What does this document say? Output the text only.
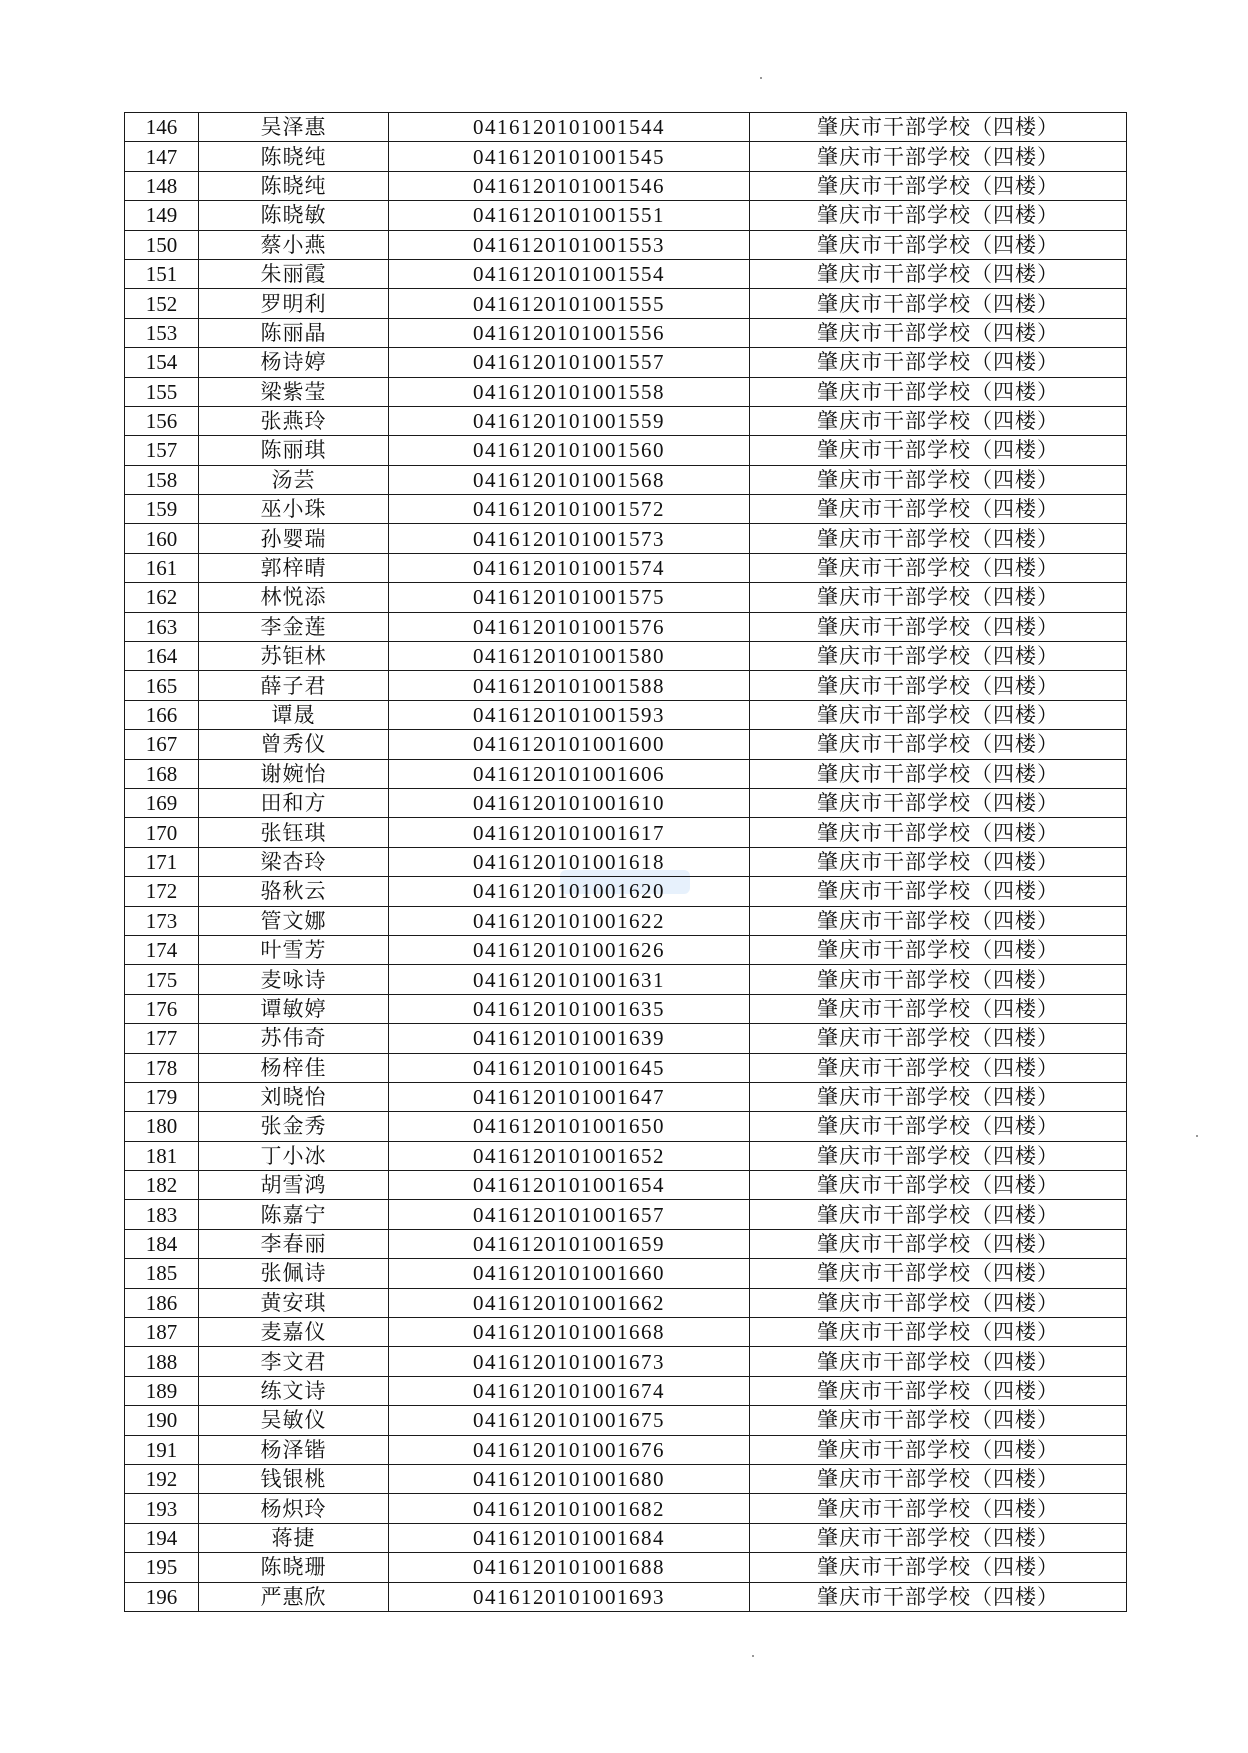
146	吴泽惠	0416120101001544	肇庆市干部学校（四楼）
147	陈晓纯	0416120101001545	肇庆市干部学校（四楼）
148	陈晓纯	0416120101001546	肇庆市干部学校（四楼）
149	陈晓敏	0416120101001551	肇庆市干部学校（四楼）
150	蔡小燕	0416120101001553	肇庆市干部学校（四楼）
151	朱丽霞	0416120101001554	肇庆市干部学校（四楼）
152	罗明利	0416120101001555	肇庆市干部学校（四楼）
153	陈丽晶	0416120101001556	肇庆市干部学校（四楼）
154	杨诗婷	0416120101001557	肇庆市干部学校（四楼）
155	梁紫莹	0416120101001558	肇庆市干部学校（四楼）
156	张燕玲	0416120101001559	肇庆市干部学校（四楼）
157	陈丽琪	0416120101001560	肇庆市干部学校（四楼）
158	汤芸	0416120101001568	肇庆市干部学校（四楼）
159	巫小珠	0416120101001572	肇庆市干部学校（四楼）
160	孙婴瑞	0416120101001573	肇庆市干部学校（四楼）
161	郭梓晴	0416120101001574	肇庆市干部学校（四楼）
162	林悦添	0416120101001575	肇庆市干部学校（四楼）
163	李金莲	0416120101001576	肇庆市干部学校（四楼）
164	苏钜林	0416120101001580	肇庆市干部学校（四楼）
165	薛子君	0416120101001588	肇庆市干部学校（四楼）
166	谭晟	0416120101001593	肇庆市干部学校（四楼）
167	曾秀仪	0416120101001600	肇庆市干部学校（四楼）
168	谢婉怡	0416120101001606	肇庆市干部学校（四楼）
169	田和方	0416120101001610	肇庆市干部学校（四楼）
170	张钰琪	0416120101001617	肇庆市干部学校（四楼）
171	梁杏玲	0416120101001618	肇庆市干部学校（四楼）
172	骆秋云	0416120101001620	肇庆市干部学校（四楼）
173	管文娜	0416120101001622	肇庆市干部学校（四楼）
174	叶雪芳	0416120101001626	肇庆市干部学校（四楼）
175	麦咏诗	0416120101001631	肇庆市干部学校（四楼）
176	谭敏婷	0416120101001635	肇庆市干部学校（四楼）
177	苏伟奇	0416120101001639	肇庆市干部学校（四楼）
178	杨梓佳	0416120101001645	肇庆市干部学校（四楼）
179	刘晓怡	0416120101001647	肇庆市干部学校（四楼）
180	张金秀	0416120101001650	肇庆市干部学校（四楼）
181	丁小冰	0416120101001652	肇庆市干部学校（四楼）
182	胡雪鸿	0416120101001654	肇庆市干部学校（四楼）
183	陈嘉宁	0416120101001657	肇庆市干部学校（四楼）
184	李春丽	0416120101001659	肇庆市干部学校（四楼）
185	张佩诗	0416120101001660	肇庆市干部学校（四楼）
186	黄安琪	0416120101001662	肇庆市干部学校（四楼）
187	麦嘉仪	0416120101001668	肇庆市干部学校（四楼）
188	李文君	0416120101001673	肇庆市干部学校（四楼）
189	练文诗	0416120101001674	肇庆市干部学校（四楼）
190	吴敏仪	0416120101001675	肇庆市干部学校（四楼）
191	杨泽锴	0416120101001676	肇庆市干部学校（四楼）
192	钱银桃	0416120101001680	肇庆市干部学校（四楼）
193	杨炽玲	0416120101001682	肇庆市干部学校（四楼）
194	蒋捷	0416120101001684	肇庆市干部学校（四楼）
195	陈晓珊	0416120101001688	肇庆市干部学校（四楼）
196	严惠欣	0416120101001693	肇庆市干部学校（四楼）
